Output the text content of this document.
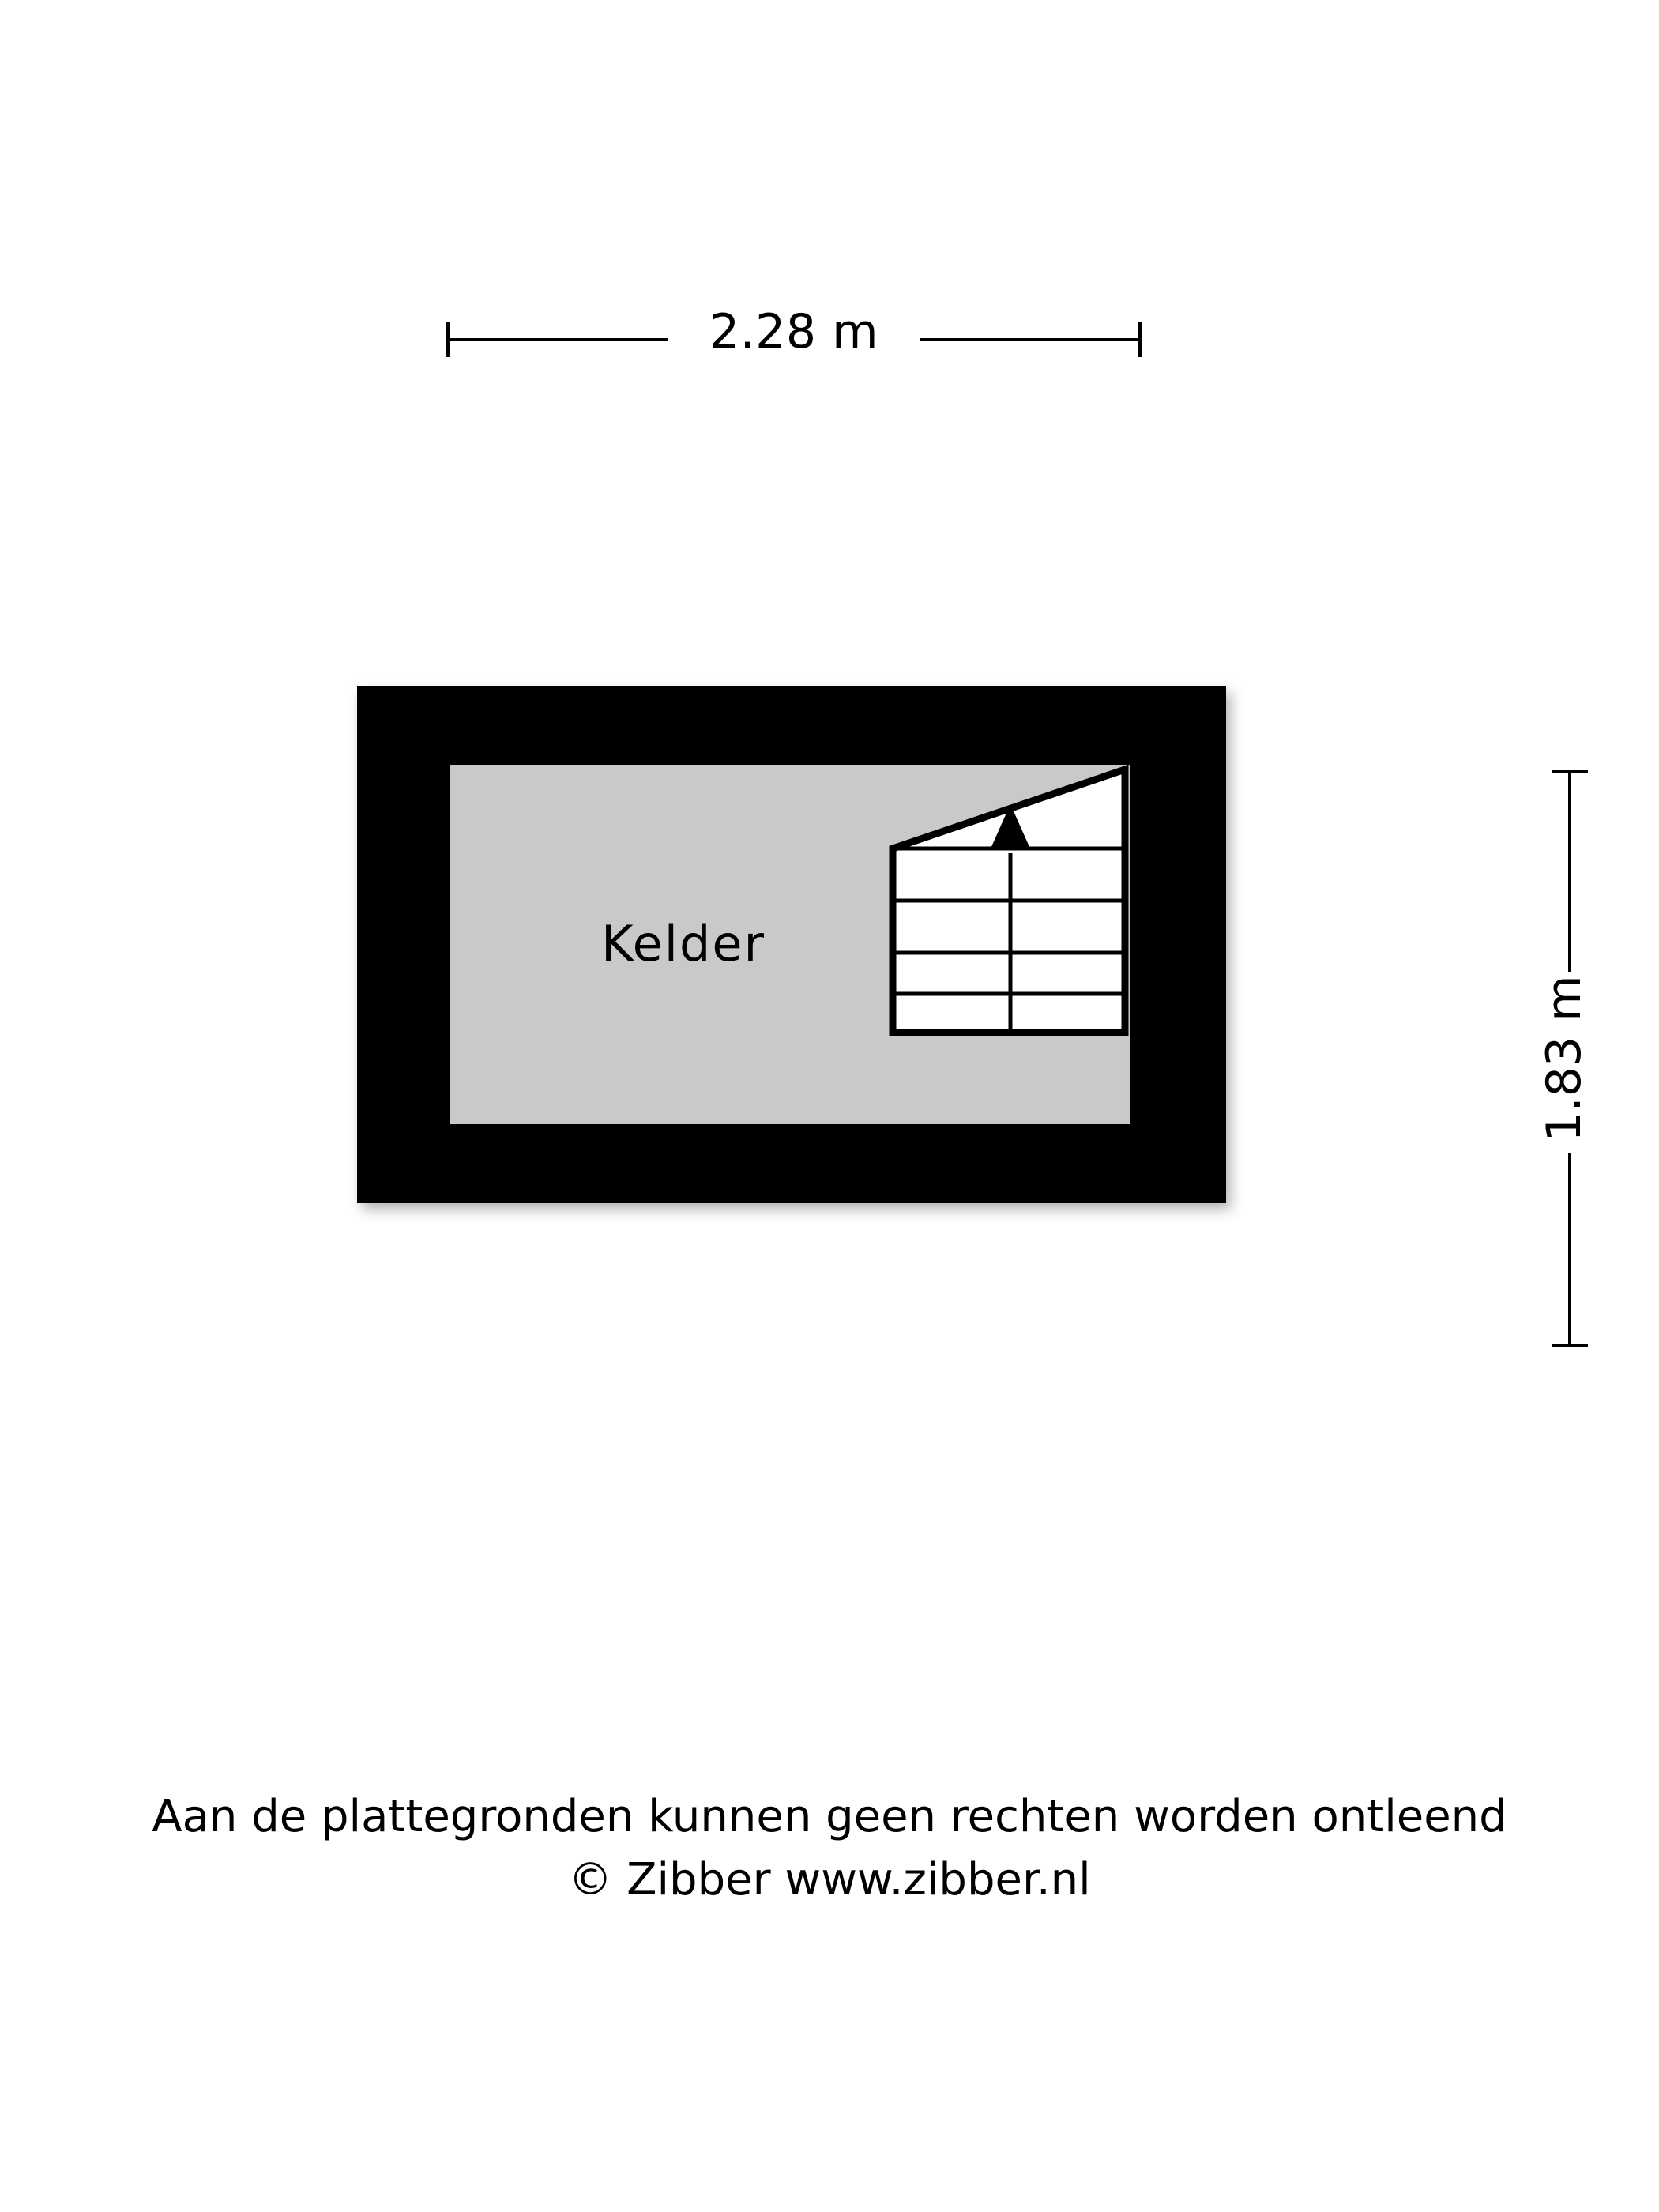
2.28 m
1.83 m
Kelder
Aan de plattegronden kunnen geen rechten worden ontleend
© Zibber www.zibber.nl
